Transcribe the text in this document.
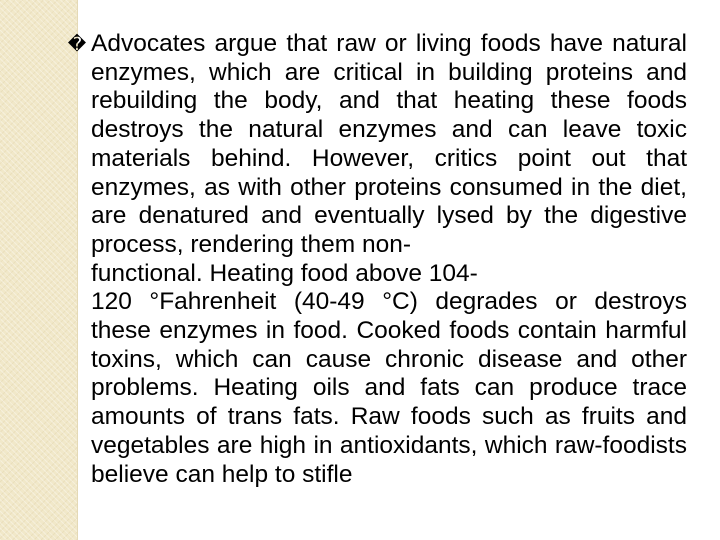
� Advocates argue that raw or living foods have natural enzymes, which are critical in building proteins and rebuilding the body, and that heating these foods destroys the natural enzymes and can leave toxic materials behind. However, critics point out that enzymes, as with other proteins consumed in the diet, are denatured and eventually lysed by the digestive process, rendering them non-
functional. Heating food above 104-
120 °Fahrenheit (40-49 °C) degrades or destroys these enzymes in food. Cooked foods contain harmful toxins, which can cause chronic disease and other problems. Heating oils and fats can produce trace amounts of trans fats. Raw foods such as fruits and vegetables are high in antioxidants, which raw-foodists believe can help to stifle
